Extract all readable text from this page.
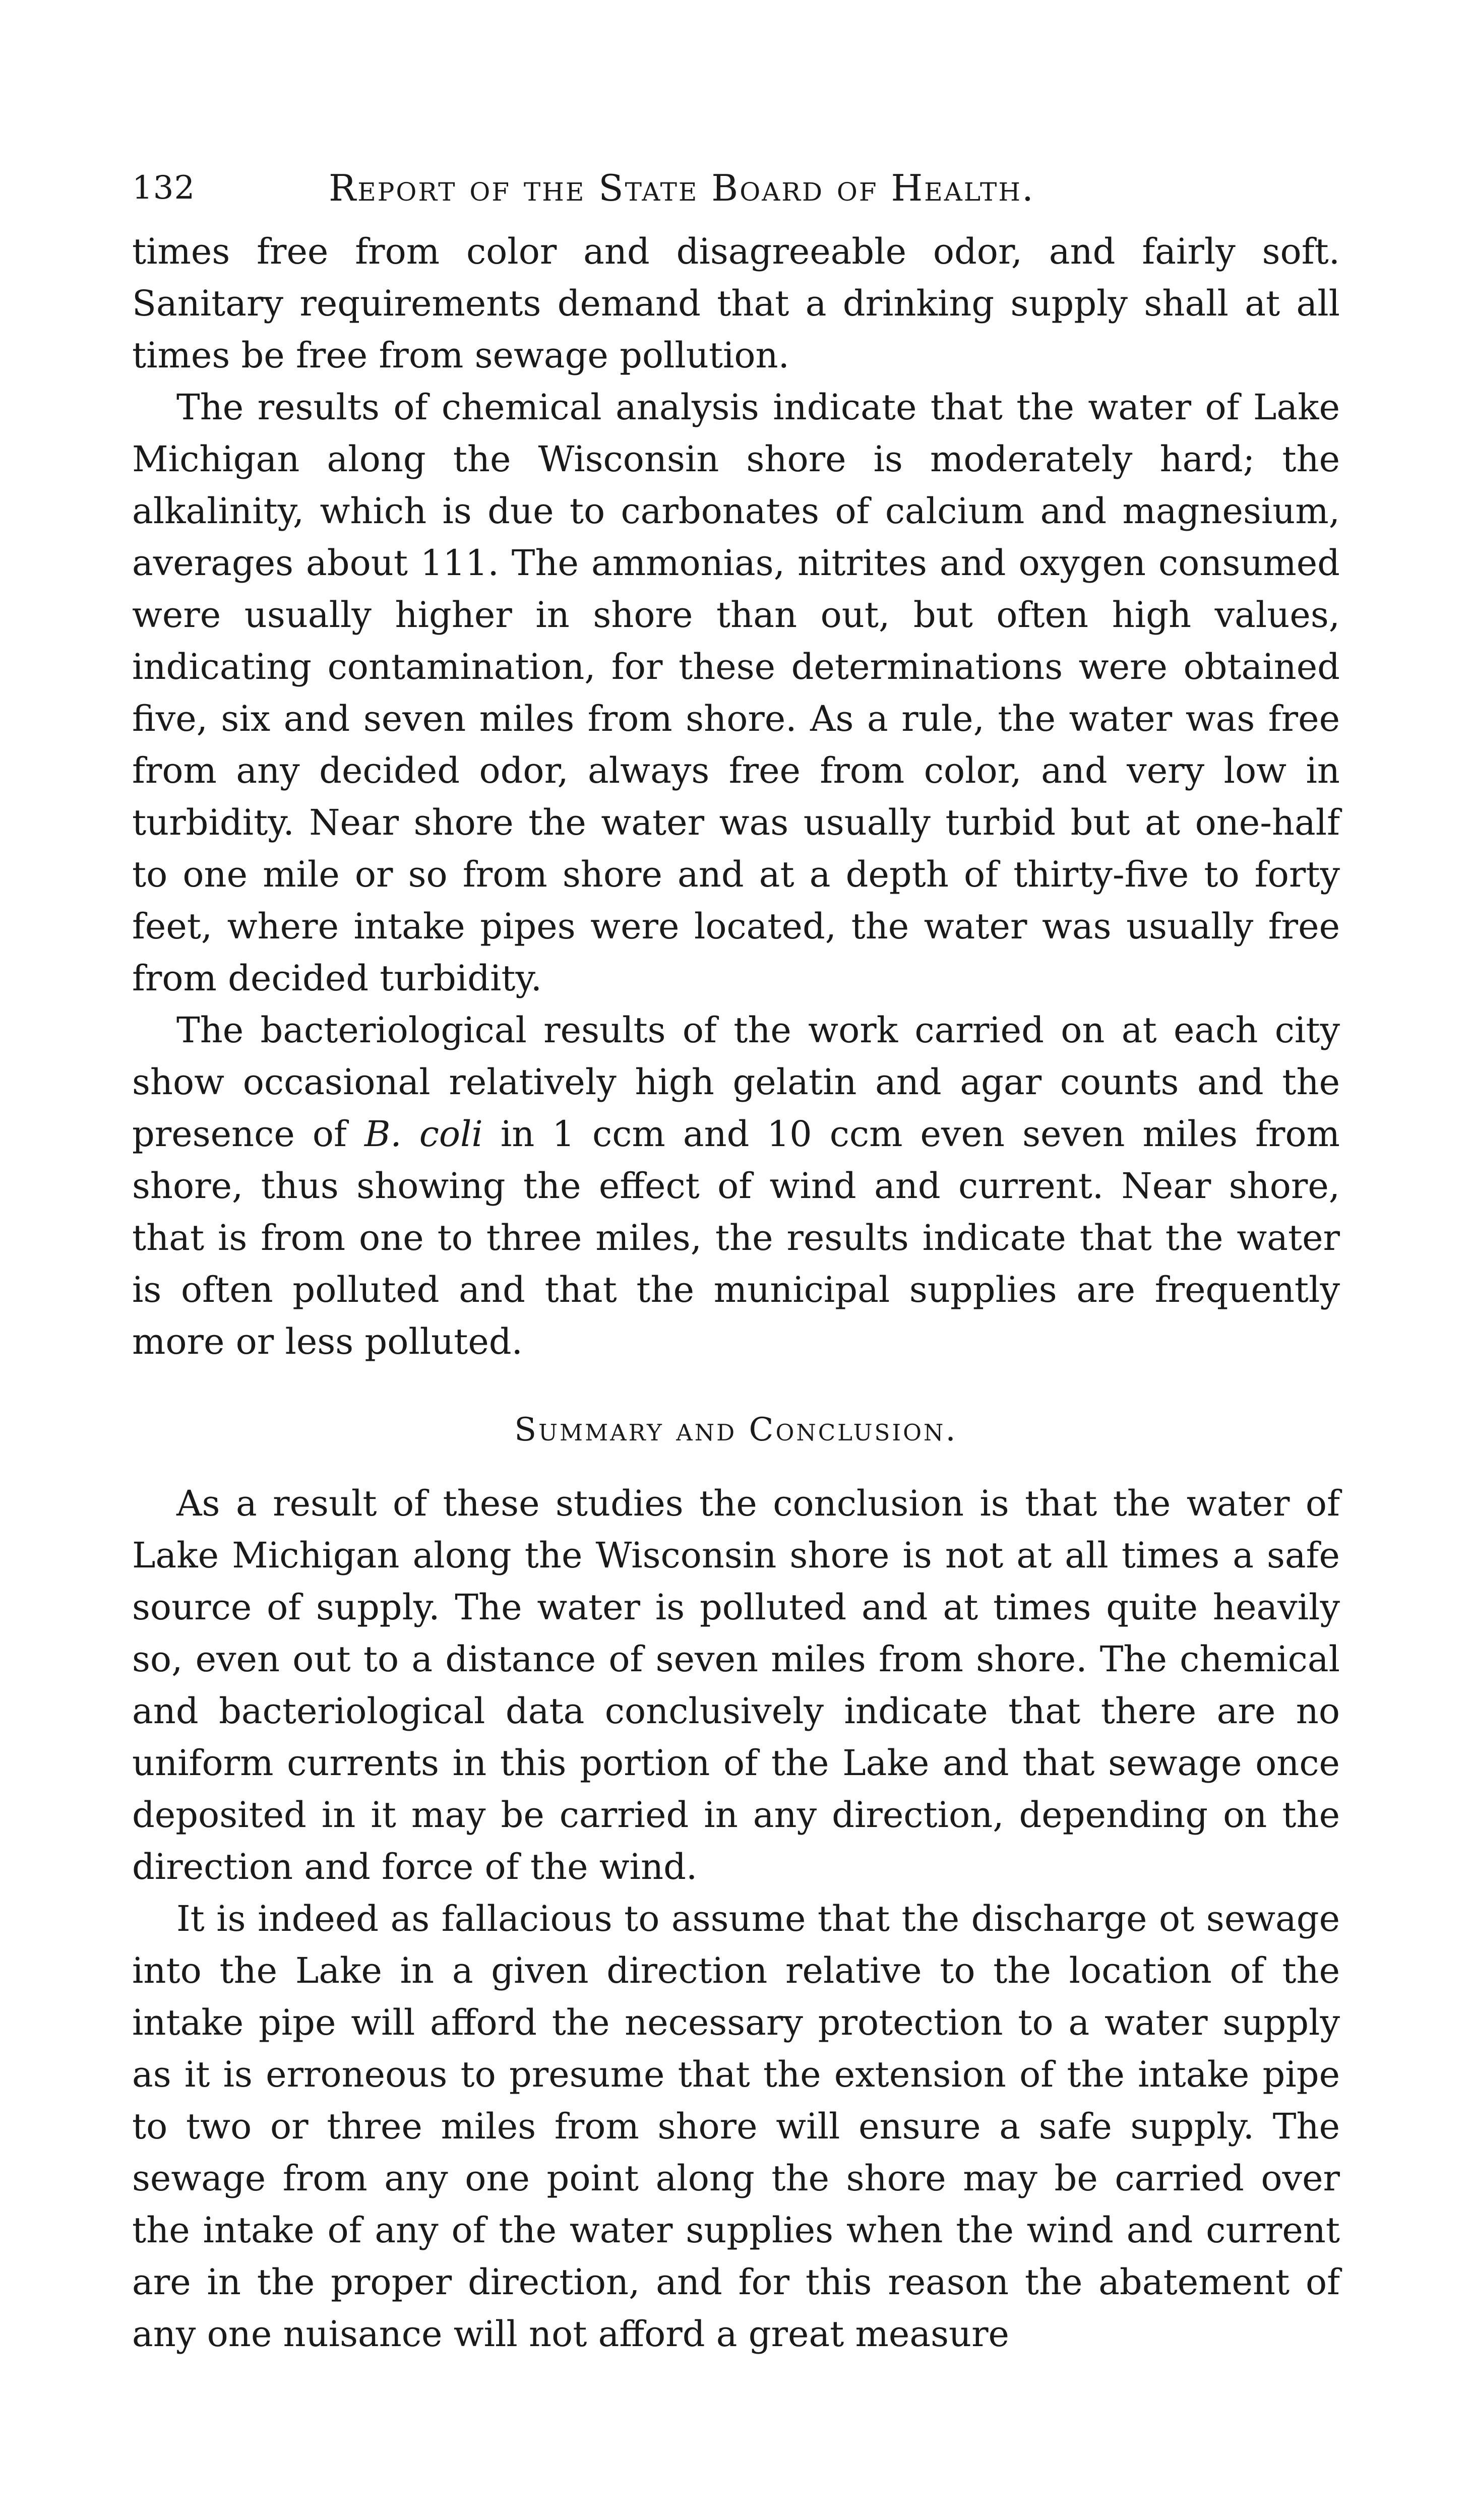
132	Report of the State Board of Health.

times free from color and disagreeable odor, and fairly soft. Sanitary requirements demand that a drinking supply shall at all times be free from sewage pollution.

The results of chemical analysis indicate that the water of Lake Michigan along the Wisconsin shore is moderately hard; the alkalinity, which is due to carbonates of calcium and magnesium, averages about 111. The ammonias, nitrites and oxygen consumed were usually higher in shore than out, but often high values, indicating contamination, for these determinations were obtained five, six and seven miles from shore. As a rule, the water was free from any decided odor, always free from color, and very low in turbidity. Near shore the water was usually turbid but at one-half to one mile or so from shore and at a depth of thirty-five to forty feet, where intake pipes were located, the water was usually free from decided turbidity.

The bacteriological results of the work carried on at each city show occasional relatively high gelatin and agar counts and the presence of B. coli in 1 ccm and 10 ccm even seven miles from shore, thus showing the effect of wind and current. Near shore, that is from one to three miles, the results indicate that the water is often polluted and that the municipal supplies are frequently more or less polluted.

Summary and Conclusion.

As a result of these studies the conclusion is that the water of Lake Michigan along the Wisconsin shore is not at all times a safe source of supply. The water is polluted and at times quite heavily so, even out to a distance of seven miles from shore. The chemical and bacteriological data conclusively indicate that there are no uniform currents in this portion of the Lake and that sewage once deposited in it may be carried in any direction, depending on the direction and force of the wind.

It is indeed as fallacious to assume that the discharge ot sewage into the Lake in a given direction relative to the location of the intake pipe will afford the necessary protection to a water supply as it is erroneous to presume that the extension of the intake pipe to two or three miles from shore will ensure a safe supply. The sewage from any one point along the shore may be carried over the intake of any of the water supplies when the wind and current are in the proper direction, and for this reason the abatement of any one nuisance will not afford a great measure
